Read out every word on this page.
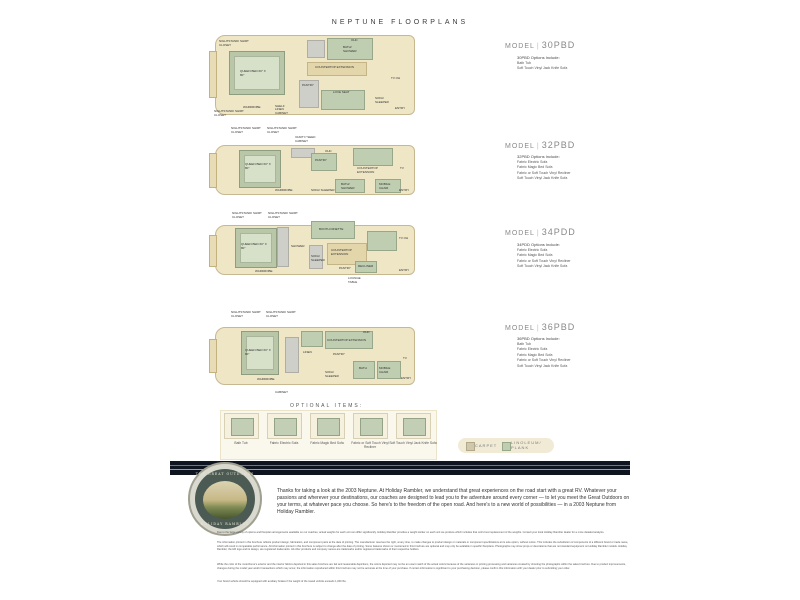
NEPTUNE FLOORPLANS
QUEEN BED 60" X 80"
BATH/ SHOWER
OHC
COUNTERTOP EXTENSION
LOVE SEAT
SOFA/ SLEEPER
PANTRY
TV OH
ENTRY
WARDROBE	SHELF
NIGHTSTAND/ SHIRT CLOSET
NIGHTSTAND/ SHIRT CLOSET
LINEN CABINET
MODEL | 30PBD
30PBD Options Include:
Bath Tub
Soft Touch Vinyl Jack Knife Sofa
QUEEN BED 60" X 80"	COUNTERTOP EXTENSION
BATH/ SHOWER
MOBILE CHAIR
PANTRY
OHC
TV
ENTRY
WARDROBE	SOFA/ SLEEPER
NIGHTSTAND/ SHIRT CLOSET
NIGHTSTAND/ SHIRT CLOSET
VANITY/ SEED CABINET
MODEL | 32PBD
32PBD Options Include:
Fabric Electric Sofa
Fabric Magic Bed Sofa
Fabric or Soft Touch Vinyl Recliner
Soft Touch Vinyl Jack Knife Sofa
QUEEN BED 60" X 80"	SHOWER
BOOTH DINETTE
COUNTERTOP EXTENSION
RECLINER
SOFA/ SLEEPER
PANTRY
TV OH
ENTRY
WARDROBE
NIGHTSTAND/ SHIRT CLOSET
NIGHTSTAND/ SHIRT CLOSET
LOUNGE TABLE
MODEL | 34PDD
34PDD Options Include:
Fabric Electric Sofa
Fabric Magic Bed Sofa
Fabric or Soft Touch Vinyl Recliner
Soft Touch Vinyl Jack Knife Sofa
QUEEN BED 60" X 80"
COUNTERTOP EXTENSION
BATH	MOBILE CHAIR
LINEN	PANTRY
OHC
SOFA/ SLEEPER
TV
ENTRY
WARDROBE
NIGHTSTAND/ SHIRT CLOSET
NIGHTSTAND/ SHIRT CLOSET
CABINET
MODEL | 36PBD
36PBD Options Include:
Bath Tub
Fabric Electric Sofa
Fabric Magic Bed Sofa
Fabric or Soft Touch Vinyl Recliner
Soft Touch Vinyl Jack Knife Sofa
OPTIONAL ITEMS:
Bath Tub	Fabric Electric Sofa	Fabric Magic Bed Sofa	Fabric or Soft Touch Vinyl Recliner
Soft Touch Vinyl Jack Knife Sofa	CARPET
LINOLEUM/ PLANK
THE GREAT OUTDOORS
HOLIDAY RAMBLER
Thanks for taking a look at the 2003 Neptune. At Holiday Rambler, we understand that great experiences on the road start with a great RV. Whatever your passions and wherever your destinations, our coaches are designed to lead you to the adventure around every corner — to let you meet the Great Outdoors on your terms, at whatever pace you choose. So here's to the freedom of the open road. And here's to a new world of possibilities — in a 2003 Neptune from Holiday Rambler.
Due to the large variety of options and floorplan arrangements available on our coaches, actual weights for each unit can differ significantly. Holiday Rambler provides a weight sticker on each unit we produce which includes that unit's best replacement of the weights. Consult your local Holiday Rambler dealer for a more detailed analysis.
The information printed in this brochure reflects product design, fabrication, and component parts at the date of printing. The manufacturer reserves the right, at any time, to make changes to product design or materials or component specifications at its sole option, without notice. This includes the substitution of components of a different brand or trade name, which will result in comparable performance. All information printed in this brochure is subject to change after the date of printing. Some features shown or mentioned in this brochure are optional and may only be available in specific floorplans. Photographs may show props or decorations that are not standard equipment on Holiday Rambler models. Holiday Rambler, the HR logo and its design, are registered trademarks. All other products and company names are trademarks and/or registered trademarks of their respective holders.
While the color of the motorhome's exterior and the interior fabrics depicted in this sales brochure are fair and reasonable depictions, the colors depicted may not be an exact match of the actual colors because of the variances in printing processing and variances created by shooting the photographs within the sales brochure. Due to product improvements, changes during the model year and/or transactions which may occur, the information reproduced within this brochure may not be accurate at the time of your purchase. If certain information is significant to your purchasing decision, please confirm this information with your dealer prior to submitting your order.
Your brand vehicle should be equipped with auxiliary brakes if the weight of the towed vehicle exceeds 1,000 lbs.
